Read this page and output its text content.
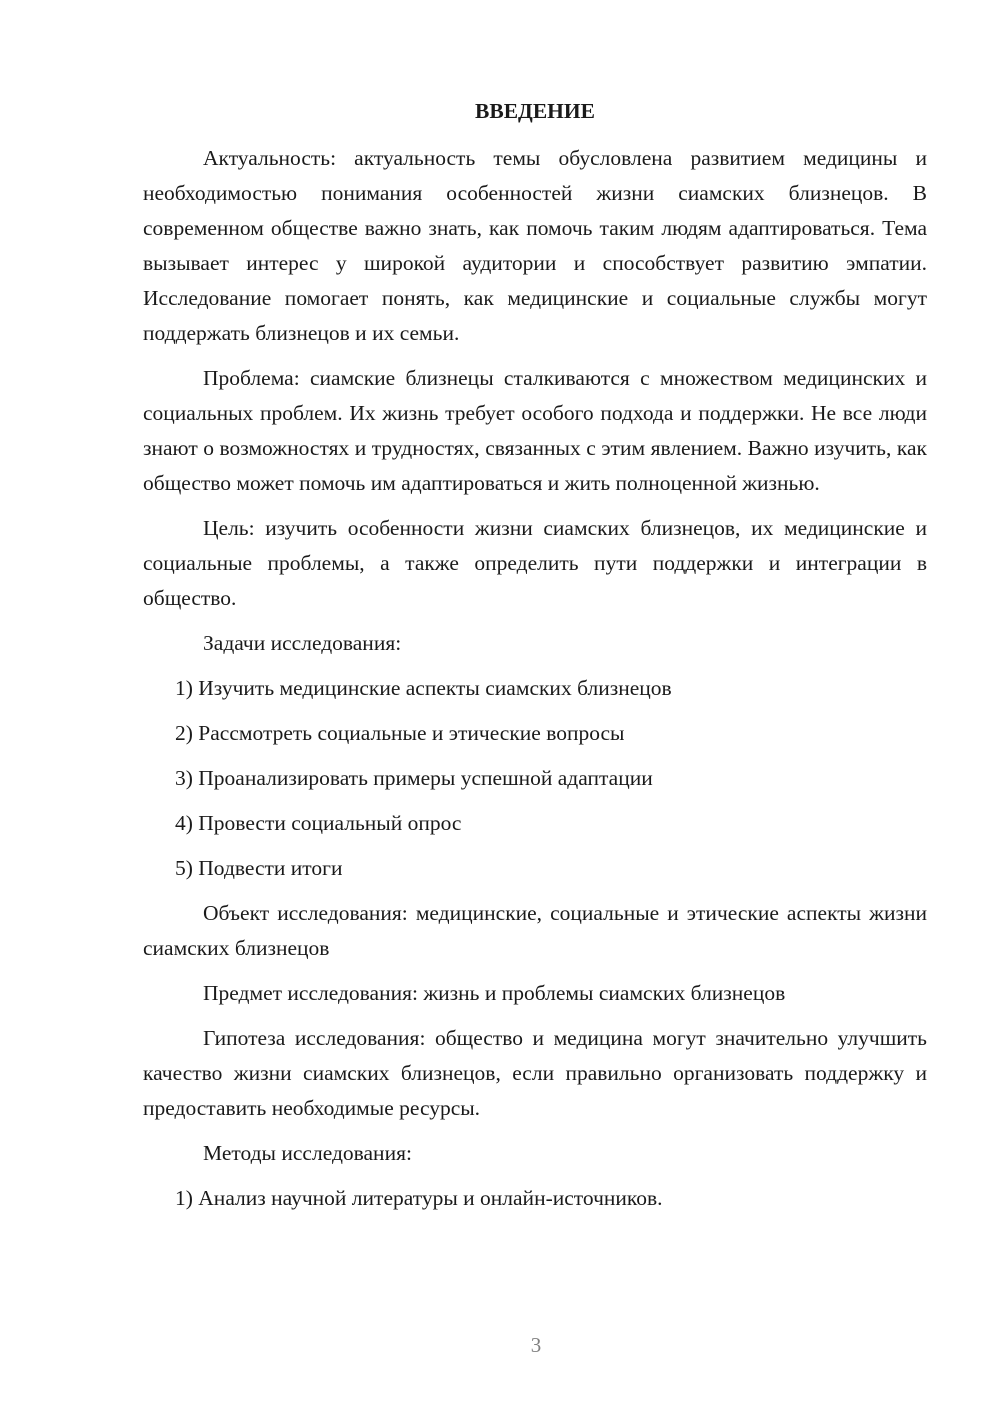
ВВЕДЕНИЕ

Актуальность: актуальность темы обусловлена развитием медицины и необходимостью понимания особенностей жизни сиамских близнецов. В современном обществе важно знать, как помочь таким людям адаптироваться. Тема вызывает интерес у широкой аудитории и способствует развитию эмпатии. Исследование помогает понять, как медицинские и социальные службы могут поддержать близнецов и их семьи.

Проблема: сиамские близнецы сталкиваются с множеством медицинских и социальных проблем. Их жизнь требует особого подхода и поддержки. Не все люди знают о возможностях и трудностях, связанных с этим явлением. Важно изучить, как общество может помочь им адаптироваться и жить полноценной жизнью.

Цель: изучить особенности жизни сиамских близнецов, их медицинские и социальные проблемы, а также определить пути поддержки и интеграции в общество.

Задачи исследования:

1) Изучить медицинские аспекты сиамских близнецов

2) Рассмотреть социальные и этические вопросы

3) Проанализировать примеры успешной адаптации

4) Провести социальный опрос

5) Подвести итоги

Объект исследования: медицинские, социальные и этические аспекты жизни сиамских близнецов

Предмет исследования: жизнь и проблемы сиамских близнецов

Гипотеза исследования: общество и медицина могут значительно улучшить качество жизни сиамских близнецов, если правильно организовать поддержку и предоставить необходимые ресурсы.

Методы исследования:

1) Анализ научной литературы и онлайн-источников.

3
